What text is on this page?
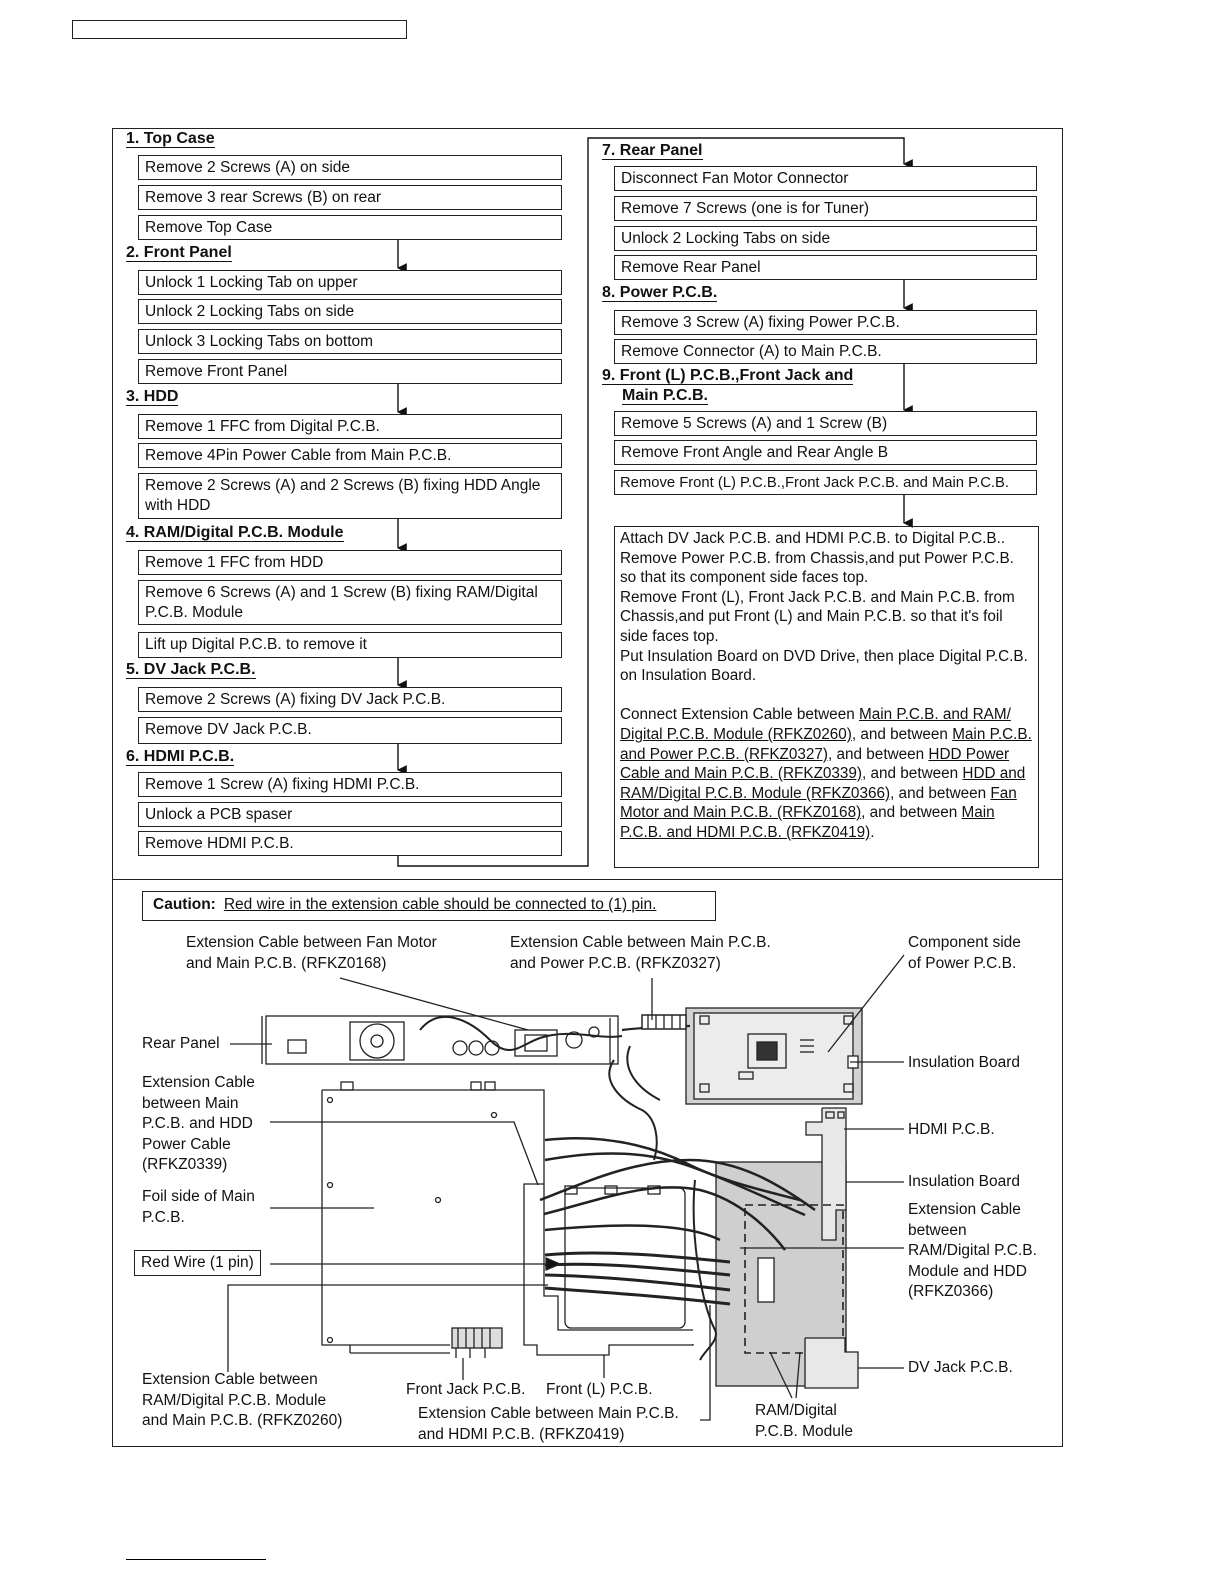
1. Top Case
Remove 2 Screws (A) on side
Remove 3 rear Screws (B) on rear
Remove Top Case
2. Front Panel
Unlock 1 Locking Tab on upper
Unlock 2 Locking Tabs on side
Unlock 3 Locking Tabs on bottom
Remove Front Panel
3. HDD
Remove 1 FFC from Digital P.C.B.
Remove 4Pin Power Cable from Main P.C.B.
Remove 2 Screws (A) and 2 Screws (B) fixing HDD Angle with HDD
4. RAM/Digital P.C.B. Module
Remove 1 FFC from HDD
Remove 6 Screws (A) and 1 Screw (B) fixing RAM/Digital P.C.B. Module
Lift up Digital P.C.B. to remove it
5. DV Jack P.C.B.
Remove 2 Screws (A) fixing DV Jack P.C.B.
Remove DV Jack P.C.B.
6. HDMI P.C.B.
Remove 1 Screw (A) fixing HDMI P.C.B.
Unlock a PCB spaser
Remove HDMI P.C.B.
7. Rear Panel
Disconnect Fan Motor Connector
Remove 7 Screws (one is for Tuner)
Unlock 2 Locking Tabs on side
Remove Rear Panel
8. Power P.C.B.
Remove 3 Screw (A) fixing Power P.C.B.
Remove Connector (A) to Main P.C.B.
9. Front (L) P.C.B.,Front Jack and
Main P.C.B.
Remove 5 Screws (A) and 1 Screw (B)
Remove Front Angle and Rear Angle B
Remove Front (L) P.C.B.,Front Jack P.C.B. and Main P.C.B.
Attach DV Jack P.C.B. and HDMI P.C.B. to Digital P.C.B..
Remove Power P.C.B. from Chassis,and put Power P.C.B. so that its component side faces top.
Remove Front (L), Front Jack P.C.B. and Main P.C.B. from Chassis,and put Front (L) and Main P.C.B. so that it's foil side faces top.
Put Insulation Board on DVD Drive, then place Digital P.C.B. on Insulation Board.
Connect Extension Cable between Main P.C.B. and RAM/ Digital P.C.B. Module (RFKZ0260), and between Main P.C.B. and Power P.C.B. (RFKZ0327), and between HDD Power Cable and Main P.C.B. (RFKZ0339), and between HDD and RAM/Digital P.C.B. Module (RFKZ0366), and between Fan Motor and Main P.C.B. (RFKZ0168), and between Main P.C.B. and HDMI P.C.B. (RFKZ0419).
Caution: Red wire in the extension cable should be connected to (1) pin.
Extension Cable between Fan Motor
and Main P.C.B. (RFKZ0168)
Extension Cable between Main P.C.B.
and Power P.C.B. (RFKZ0327)
Component side
of Power P.C.B.
Rear Panel
Insulation Board
Extension Cable
between Main
P.C.B. and HDD
Power Cable
(RFKZ0339)
HDMI P.C.B.
Insulation Board
Foil side of Main
P.C.B.	Extension Cable
between
RAM/Digital P.C.B.
Module and HDD
(RFKZ0366)
Red Wire (1 pin)
DV Jack P.C.B.
Extension Cable between
RAM/Digital P.C.B. Module
and Main P.C.B. (RFKZ0260)
Front Jack P.C.B. Front (L) P.C.B.
Extension Cable between Main P.C.B.
and HDMI P.C.B. (RFKZ0419)
RAM/Digital
P.C.B. Module
